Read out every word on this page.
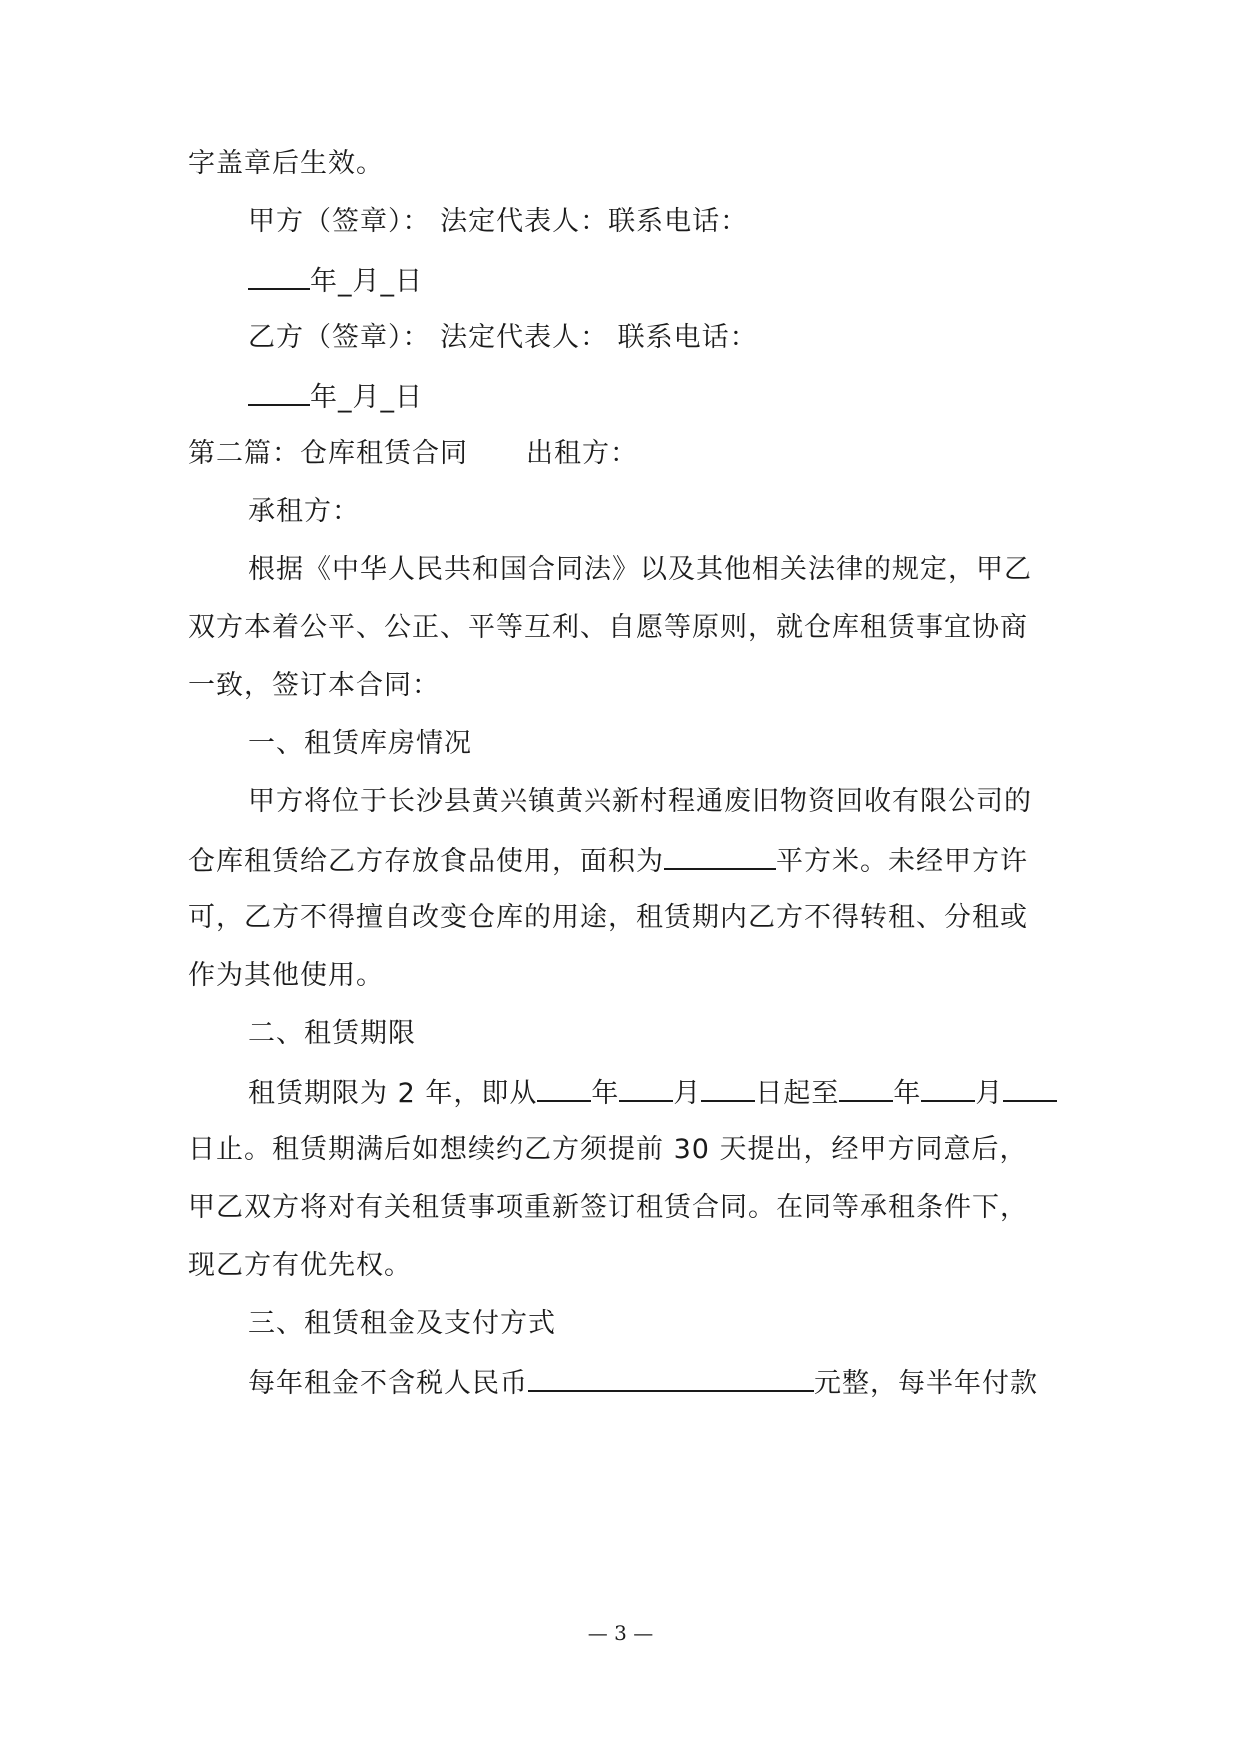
字盖章后生效。
甲方（签章）： 法定代表人：联系电话：
年_月_日
乙方（签章）： 法定代表人： 联系电话：
年_月_日
第二篇：仓库租赁合同 出租方：
承租方：
根据《中华人民共和国合同法》以及其他相关法律的规定，甲乙
双方本着公平、公正、平等互利、自愿等原则，就仓库租赁事宜协商
一致，签订本合同：
一、租赁库房情况
甲方将位于长沙县黄兴镇黄兴新村程通废旧物资回收有限公司的
仓库租赁给乙方存放食品使用，面积为	平方米。未经甲方许
可，乙方不得擅自改变仓库的用途，租赁期内乙方不得转租、分租或
作为其他使用。
二、租赁期限
租赁期限为 2 年，即从 年 月 日起至 年 月
日止。租赁期满后如想续约乙方须提前 30 天提出，经甲方同意后，
甲乙双方将对有关租赁事项重新签订租赁合同。在同等承租条件下，
现乙方有优先权。
三、租赁租金及支付方式
每年租金不含税人民币	元整，每半年付款
— 3 —
